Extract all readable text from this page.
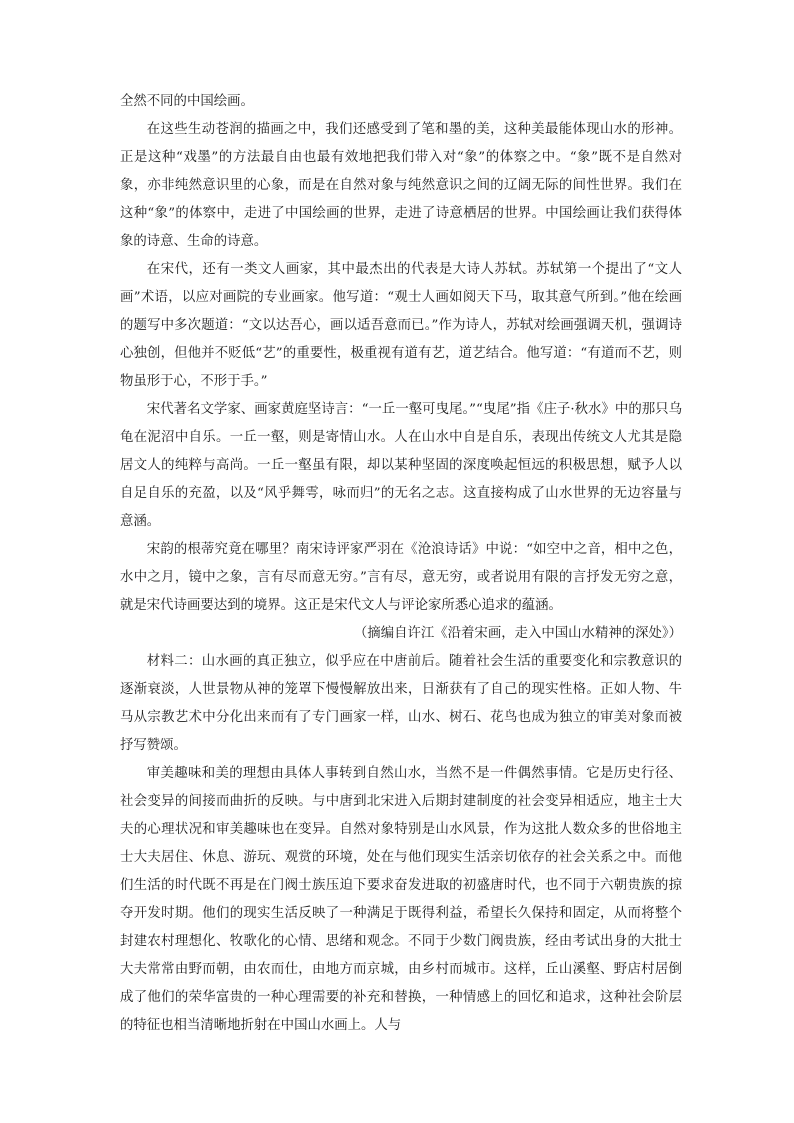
全然不同的中国绘画。

在这些生动苍润的描画之中，我们还感受到了笔和墨的美，这种美最能体现山水的形神。正是这种“戏墨”的方法最自由也最有效地把我们带入对“象”的体察之中。“象”既不是自然对象，亦非纯然意识里的心象，而是在自然对象与纯然意识之间的辽阔无际的间性世界。我们在这种“象”的体察中，走进了中国绘画的世界，走进了诗意栖居的世界。中国绘画让我们获得体象的诗意、生命的诗意。

在宋代，还有一类文人画家，其中最杰出的代表是大诗人苏轼。苏轼第一个提出了“文人画”术语，以应对画院的专业画家。他写道：“观士人画如阅天下马，取其意气所到。”他在绘画的题写中多次题道：“文以达吾心，画以适吾意而已。”作为诗人，苏轼对绘画强调天机，强调诗心独创，但他并不贬低“艺”的重要性，极重视有道有艺，道艺结合。他写道：“有道而不艺，则物虽形于心，不形于手。”

宋代著名文学家、画家黄庭坚诗言：“一丘一壑可曳尾。”“曳尾”指《庄子·秋水》中的那只乌龟在泥沼中自乐。一丘一壑，则是寄情山水。人在山水中自是自乐，表现出传统文人尤其是隐居文人的纯粹与高尚。一丘一壑虽有限，却以某种坚固的深度唤起恒远的积极思想，赋予人以自足自乐的充盈，以及“风乎舞雩，咏而归”的无名之志。这直接构成了山水世界的无边容量与意涵。

宋韵的根蒂究竟在哪里？南宋诗评家严羽在《沧浪诗话》中说：“如空中之音，相中之色，水中之月，镜中之象，言有尽而意无穷。”言有尽，意无穷，或者说用有限的言抒发无穷之意，就是宋代诗画要达到的境界。这正是宋代文人与评论家所悉心追求的蕴涵。

（摘编自许江《沿着宋画，走入中国山水精神的深处》）

材料二：山水画的真正独立，似乎应在中唐前后。随着社会生活的重要变化和宗教意识的逐渐衰淡，人世景物从神的笼罩下慢慢解放出来，日渐获有了自己的现实性格。正如人物、牛马从宗教艺术中分化出来而有了专门画家一样，山水、树石、花鸟也成为独立的审美对象而被抒写赞颂。

审美趣味和美的理想由具体人事转到自然山水，当然不是一件偶然事情。它是历史行径、社会变异的间接而曲折的反映。与中唐到北宋进入后期封建制度的社会变异相适应，地主士大夫的心理状况和审美趣味也在变异。自然对象特别是山水风景，作为这批人数众多的世俗地主士大夫居住、休息、游玩、观赏的环境，处在与他们现实生活亲切依存的社会关系之中。而他们生活的时代既不再是在门阀士族压迫下要求奋发进取的初盛唐时代，也不同于六朝贵族的掠夺开发时期。他们的现实生活反映了一种满足于既得利益，希望长久保持和固定，从而将整个封建农村理想化、牧歌化的心情、思绪和观念。不同于少数门阀贵族，经由考试出身的大批士大夫常常由野而朝，由农而仕，由地方而京城，由乡村而城市。这样，丘山溪壑、野店村居倒成了他们的荣华富贵的一种心理需要的补充和替换，一种情感上的回忆和追求，这种社会阶层的特征也相当清晰地折射在中国山水画上。人与
